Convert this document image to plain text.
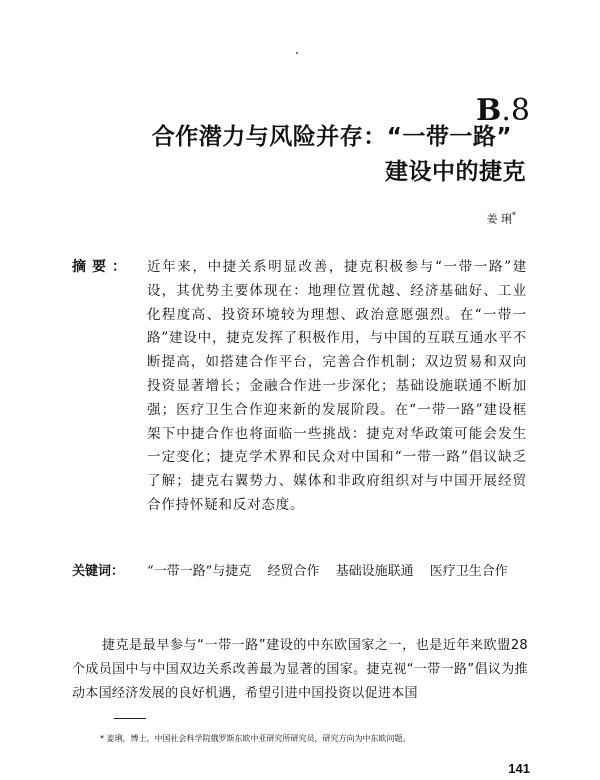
B.8
合作潜力与风险并存：“一带一路”
建设中的捷克
姜 琍*
摘要： 近年来，中捷关系明显改善，捷克积极参与“一带一路”建设，其优势主要体现在：地理位置优越、经济基础好、工业化程度高、投资环境较为理想、政治意愿强烈。在“一带一路”建设中，捷克发挥了积极作用，与中国的互联互通水平不断提高，如搭建合作平台，完善合作机制；双边贸易和双向投资显著增长；金融合作进一步深化；基础设施联通不断加强；医疗卫生合作迎来新的发展阶段。在“一带一路”建设框架下中捷合作也将面临一些挑战：捷克对华政策可能会发生一定变化；捷克学术界和民众对中国和“一带一路”倡议缺乏了解；捷克右翼势力、媒体和非政府组织对与中国开展经贸合作持怀疑和反对态度。
关键词： “一带一路”与捷克 经贸合作 基础设施联通 医疗卫生合作
捷克是最早参与“一带一路”建设的中东欧国家之一，也是近年来欧盟28个成员国中与中国双边关系改善最为显著的国家。捷克视“一带一路”倡议为推动本国经济发展的良好机遇，希望引进中国投资以促进本国
* 姜琍，博士，中国社会科学院俄罗斯东欧中亚研究所研究员，研究方向为中东欧问题。
141
